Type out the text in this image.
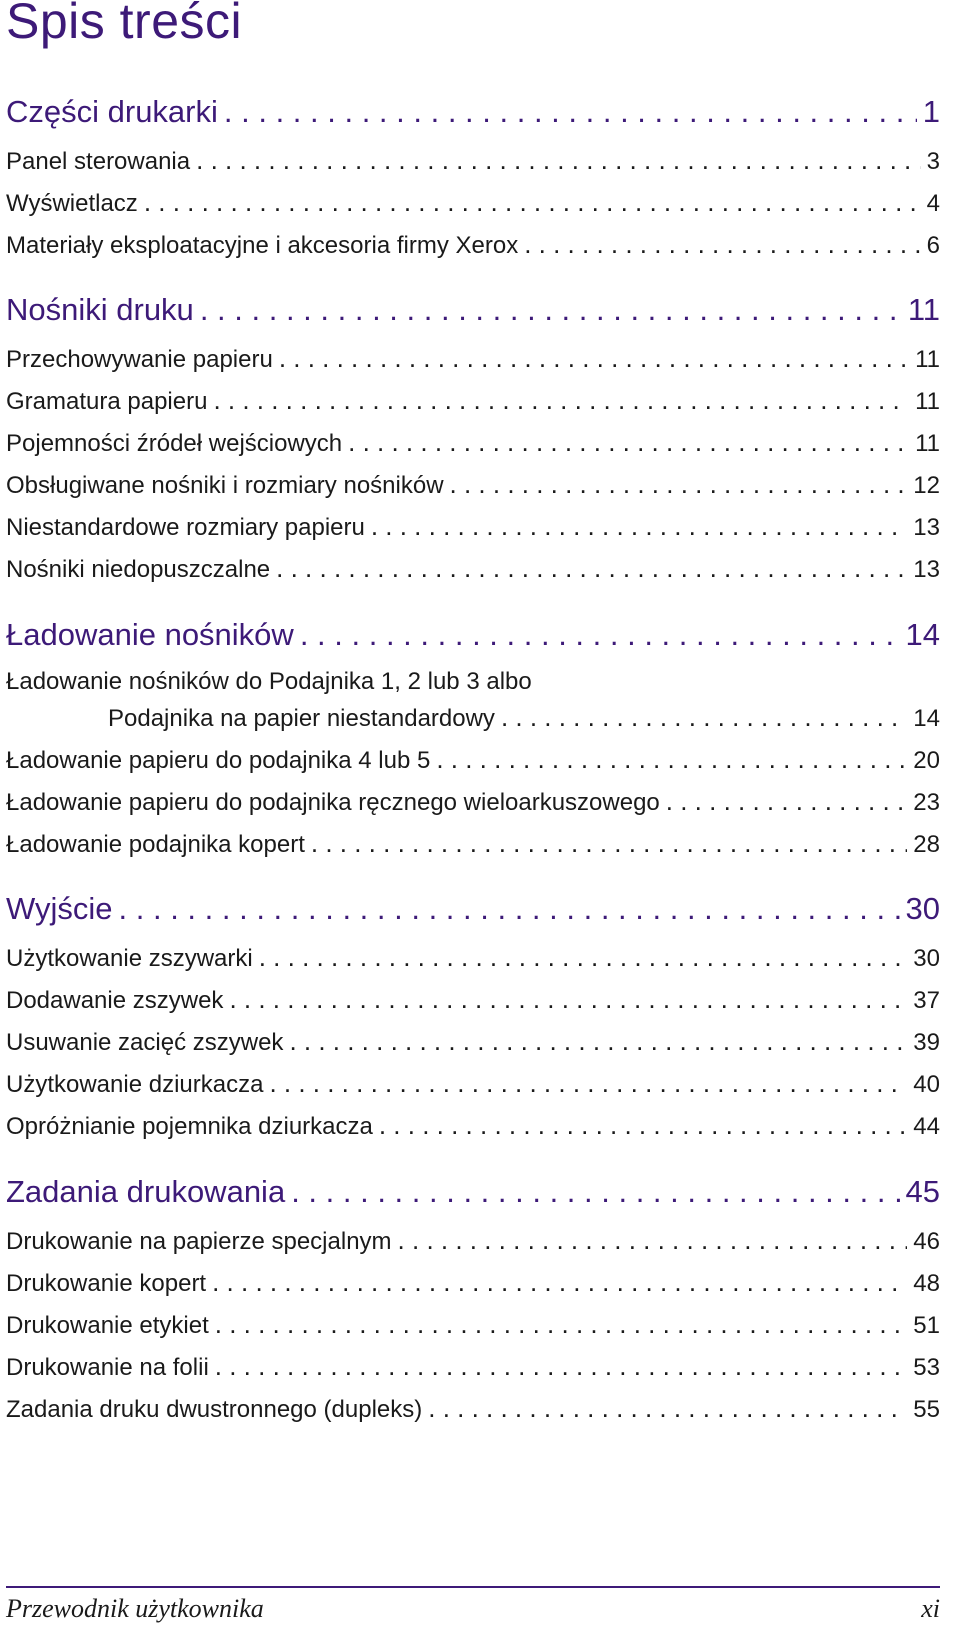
Spis treści
Części drukarki . . .	1
Panel sterowania . . .	3
Wyświetlacz . . .	4
Materiały eksploatacyjne i akcesoria firmy Xerox . . .	6
Nośniki druku . . .	11
Przechowywanie papieru . . .	11
Gramatura papieru . . .	11
Pojemności źródeł wejściowych . . .	11
Obsługiwane nośniki i rozmiary nośników . . .	12
Niestandardowe rozmiary papieru . . .	13
Nośniki niedopuszczalne . . .	13
Ładowanie nośników . . .	14
Ładowanie nośników do Podajnika 1, 2 lub 3 albo
Podajnika na papier niestandardowy . . .	14
Ładowanie papieru do podajnika 4 lub 5 . . .	20
Ładowanie papieru do podajnika ręcznego wieloarkuszowego . . .	23
Ładowanie podajnika kopert . . .	28
Wyjście . . .	30
Użytkowanie zszywarki . . .	30
Dodawanie zszywek . . .	37
Usuwanie zacięć zszywek . . .	39
Użytkowanie dziurkacza . . .	40
Opróżnianie pojemnika dziurkacza . . .	44
Zadania drukowania . . .	45
Drukowanie na papierze specjalnym . . .	46
Drukowanie kopert . . .	48
Drukowanie etykiet . . .	51
Drukowanie na folii . . .	53
Zadania druku dwustronnego (dupleks) . . .	55
Przewodnik użytkownika	xi
